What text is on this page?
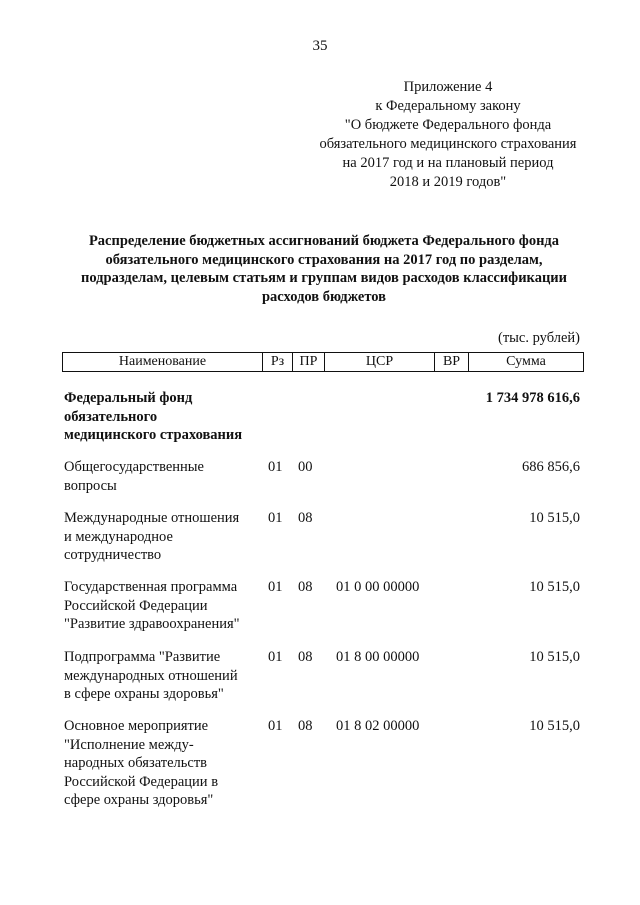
35
Приложение 4
к Федеральному закону
"О бюджете Федерального фонда
обязательного медицинского страхования
на 2017 год и на плановый период
2018 и 2019 годов"
Распределение бюджетных ассигнований бюджета Федерального фонда
обязательного медицинского страхования на 2017 год по разделам,
подразделам, целевым статьям и группам видов расходов классификации
расходов бюджетов
(тыс. рублей)
Наименование	Рз	ПР	ЦСР	ВР	Сумма
Федеральный фонд
обязательного
медицинского страхования
1 734 978 616,6
Общегосударственные
вопросы
01	00	686 856,6
Международные отношения
и международное
сотрудничество
01	08	10 515,0
Государственная программа
Российской Федерации
"Развитие здравоохранения"
01	08	01 0 00 00000	10 515,0
Подпрограмма "Развитие
международных отношений
в сфере охраны здоровья"
01	08	01 8 00 00000	10 515,0
Основное мероприятие
"Исполнение между-
народных обязательств
Российской Федерации в
сфере охраны здоровья"
01	08	01 8 02 00000	10 515,0
